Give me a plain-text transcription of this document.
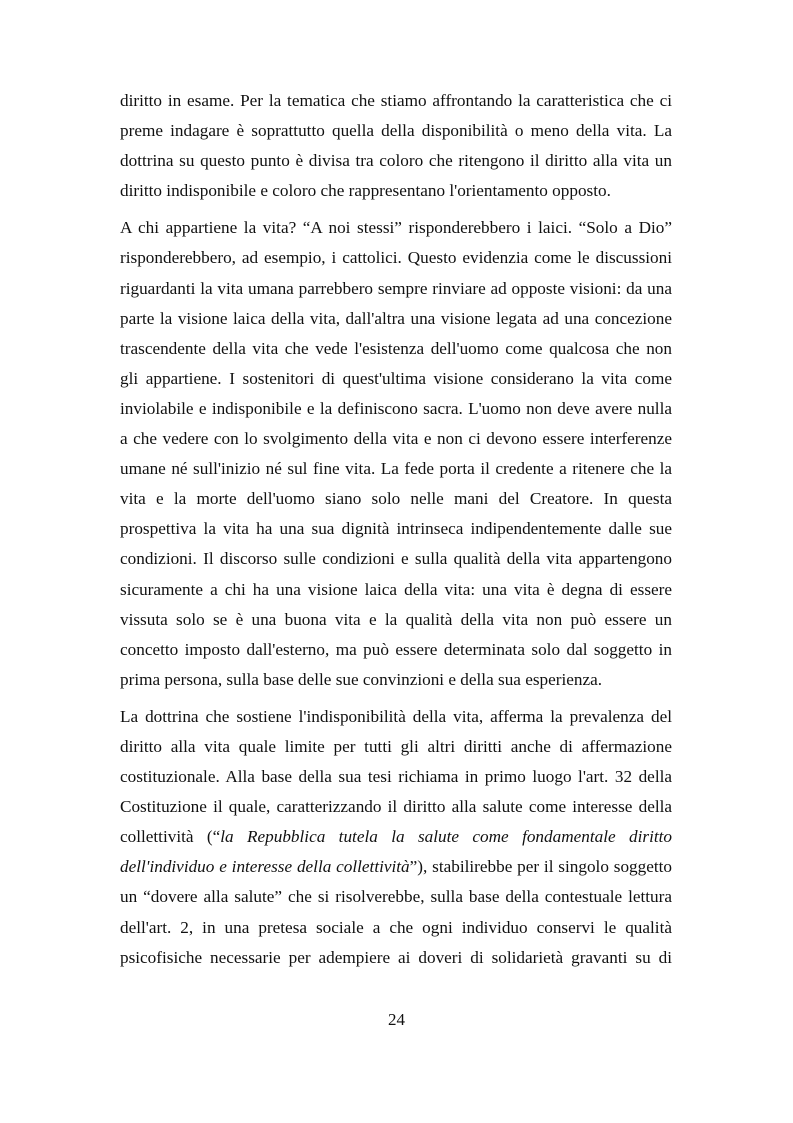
diritto in esame. Per la tematica che stiamo affrontando la caratteristica che ci
preme indagare è soprattutto quella della disponibilità o meno della vita. La
dottrina su questo punto è divisa tra coloro che ritengono il diritto alla vita un
diritto indisponibile e coloro che rappresentano l'orientamento opposto.
A chi appartiene la vita? “A noi stessi” risponderebbero i laici. “Solo a Dio”
risponderebbero, ad esempio, i cattolici. Questo evidenzia come le discussioni
riguardanti la vita umana parrebbero sempre rinviare ad opposte visioni: da una
parte la visione laica della vita, dall'altra una visione legata ad una concezione
trascendente della vita che vede l'esistenza dell'uomo come qualcosa che non
gli appartiene. I sostenitori di quest'ultima visione considerano la vita come
inviolabile e indisponibile e la definiscono sacra. L'uomo non deve avere nulla
a che vedere con lo svolgimento della vita e non ci devono essere interferenze
umane né sull'inizio né sul fine vita. La fede porta il credente a ritenere che la
vita e la morte dell'uomo siano solo nelle mani del Creatore. In questa
prospettiva la vita ha una sua dignità intrinseca indipendentemente dalle sue
condizioni. Il discorso sulle condizioni e sulla qualità della vita appartengono
sicuramente a chi ha una visione laica della vita: una vita è degna di essere
vissuta solo se è una buona vita e la qualità della vita non può essere un
concetto imposto dall'esterno, ma può essere determinata solo dal soggetto in
prima persona, sulla base delle sue convinzioni e della sua esperienza.
La dottrina che sostiene l'indisponibilità della vita, afferma la prevalenza del
diritto alla vita quale limite per tutti gli altri diritti anche di affermazione
costituzionale. Alla base della sua tesi richiama in primo luogo l'art. 32 della
Costituzione il quale, caratterizzando il diritto alla salute come interesse della
collettività (“la Repubblica tutela la salute come fondamentale diritto
dell'individuo e interesse della collettività”), stabilirebbe per il singolo soggetto
un “dovere alla salute” che si risolverebbe, sulla base della contestuale lettura
dell'art. 2, in una pretesa sociale a che ogni individuo conservi le qualità
psicofisiche necessarie per adempiere ai doveri di solidarietà gravanti su di
24
